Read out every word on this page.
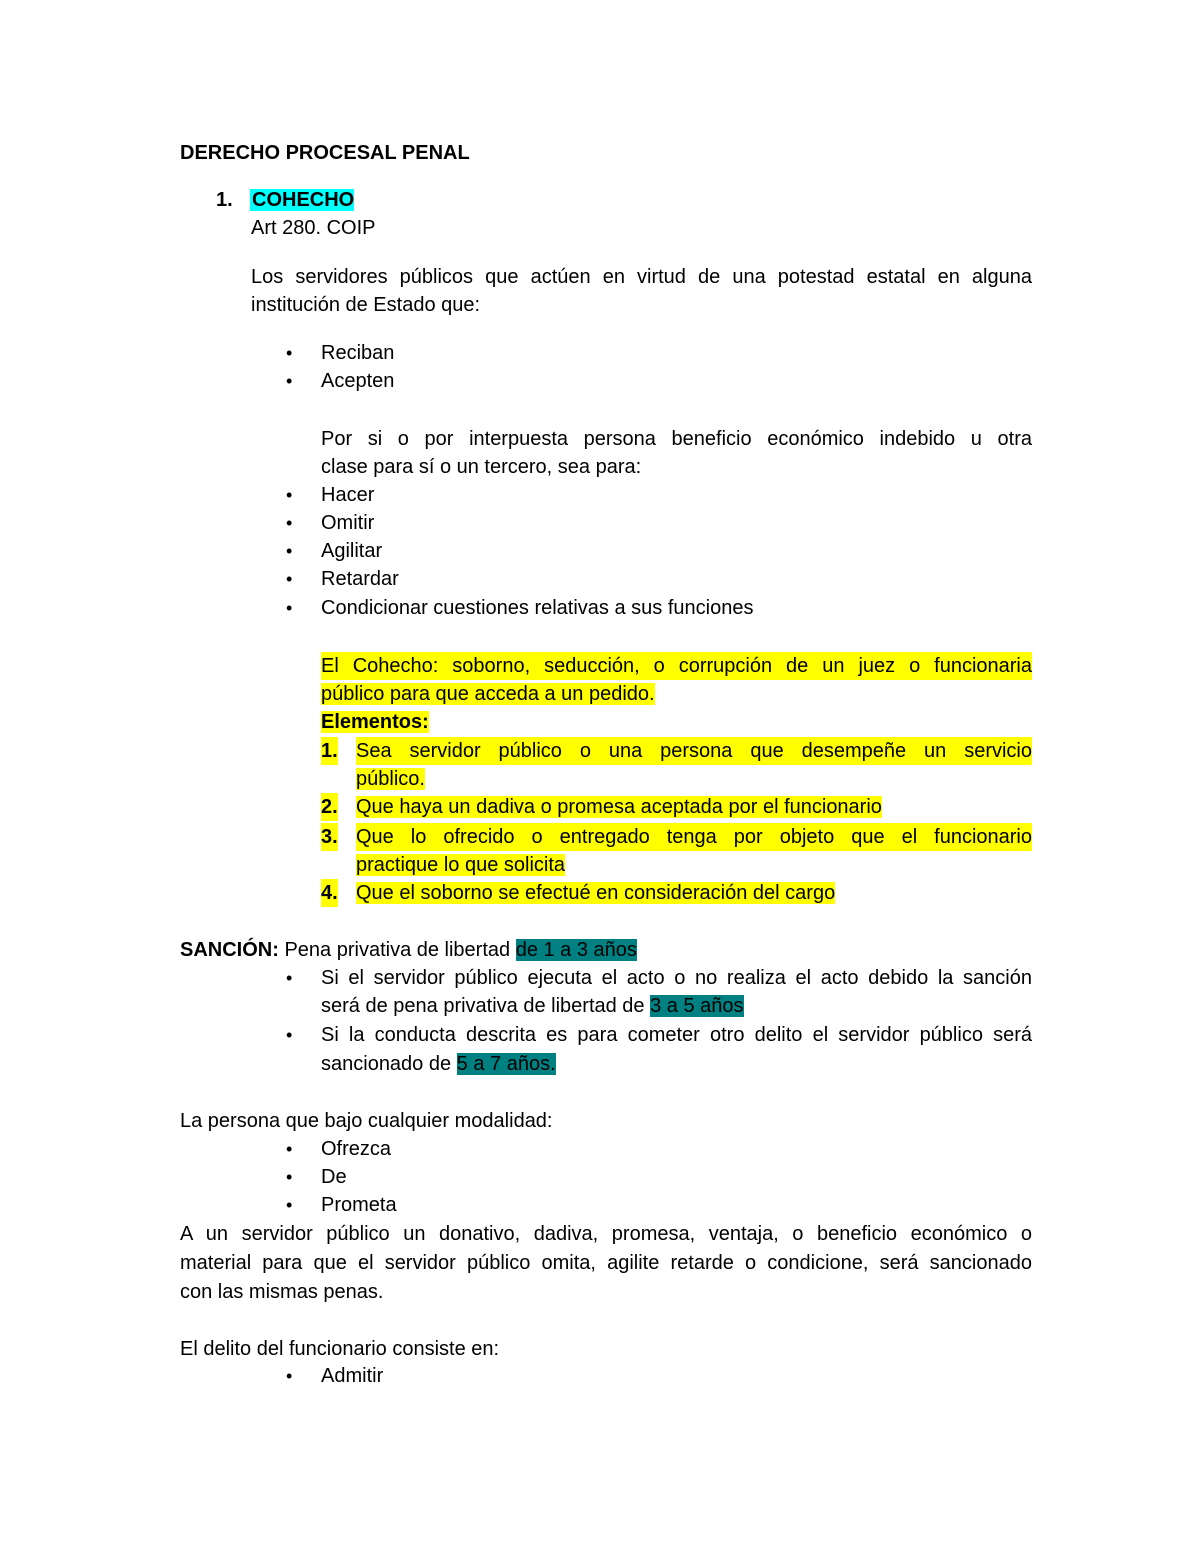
DERECHO PROCESAL PENAL
1. COHECHO
Art 280. COIP
Los servidores públicos que actúen en virtud de una potestad estatal en alguna
institución de Estado que:
• Reciban
• Acepten
Por si o por interpuesta persona beneficio económico indebido u otra
clase para sí o un tercero, sea para:
• Hacer
• Omitir
• Agilitar
• Retardar
• Condicionar cuestiones relativas a sus funciones
El Cohecho: soborno, seducción, o corrupción de un juez o funcionaria
público para que acceda a un pedido.
Elementos:
1. Sea servidor público o una persona que desempeñe un servicio
público.
2. Que haya un dadiva o promesa aceptada por el funcionario
3. Que lo ofrecido o entregado tenga por objeto que el funcionario
practique lo que solicita
4. Que el soborno se efectué en consideración del cargo
SANCIÓN: Pena privativa de libertad de 1 a 3 años
• Si el servidor público ejecuta el acto o no realiza el acto debido la sanción
será de pena privativa de libertad de 3 a 5 años
• Si la conducta descrita es para cometer otro delito el servidor público será
sancionado de 5 a 7 años.
La persona que bajo cualquier modalidad:
• Ofrezca
• De
• Prometa
A un servidor público un donativo, dadiva, promesa, ventaja, o beneficio económico o
material para que el servidor público omita, agilite retarde o condicione, será sancionado
con las mismas penas.
El delito del funcionario consiste en:
• Admitir
